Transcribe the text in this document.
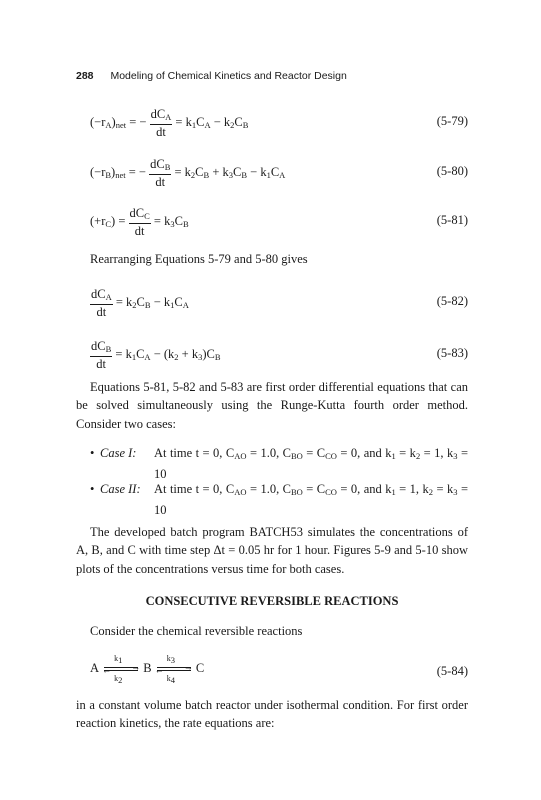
288 Modeling of Chemical Kinetics and Reactor Design
$(-r_A)_{net}$ = − $\frac{dC_A}{dt} = k_1C_A - k_2C_B$	(5-79)
$(-r_B)_{net}$ = − $\frac{dC_B}{dt} = k_2C_B + k_3C_B - k_1C_A$	(5-80)
$(+r_C) = \frac{dC_C}{dt} = k_3C_B$	(5-81)
Rearranging Equations 5-79 and 5-80 gives
$\frac{dC_A}{dt} = k_2C_B - k_1C_A$	(5-82)
$\frac{dC_B}{dt} = k_1C_A - (k_2 + k_3)C_B$	(5-83)
Equations 5-81, 5-82 and 5-83 are first order differential equations that can be solved simultaneously using the Runge-Kutta fourth order method. Consider two cases:
• Case I: At time t = 0, $C_{AO} = 1.0$, $C_{BO} = C_{CO} = 0$, and $k_1 = k_2 = 1$, $k_3 = 10$
• Case II: At time t = 0, $C_{AO} = 1.0$, $C_{BO} = C_{CO} = 0$, and $k_1 = 1$, $k_2 = k_3 = 10$
The developed batch program BATCH53 simulates the concentrations of A, B, and C with time step Δt = 0.05 hr for 1 hour. Figures 5-9 and 5-10 show plots of the concentrations versus time for both cases.
CONSECUTIVE REVERSIBLE REACTIONS
Consider the chemical reversible reactions
A
$k_1$
→
←
$k_2$
B
$k_3$
→
←
$k_4$
C	(5-84)
in a constant volume batch reactor under isothermal condition. For first order reaction kinetics, the rate equations are:
